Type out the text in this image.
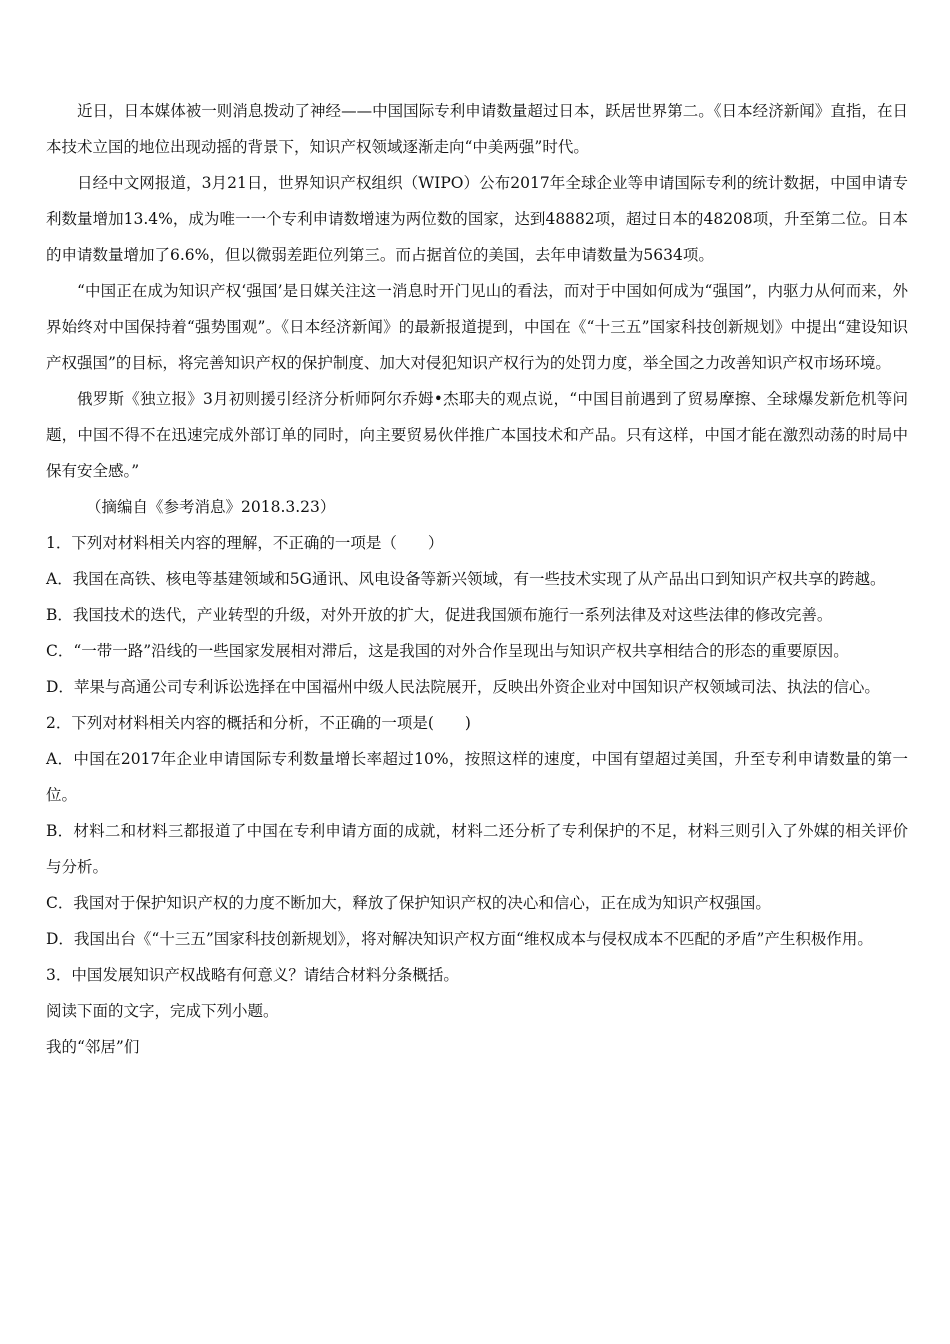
近日，日本媒体被一则消息拨动了神经——中国国际专利申请数量超过日本，跃居世界第二。《日本经济新闻》直指，在日本技术立国的地位出现动摇的背景下，知识产权领域逐渐走向“中美两强”时代。

日经中文网报道，3月21日，世界知识产权组织（WIPO）公布2017年全球企业等申请国际专利的统计数据，中国申请专利数量增加13.4%，成为唯一一个专利申请数增速为两位数的国家，达到48882项，超过日本的48208项，升至第二位。日本的申请数量增加了6.6%，但以微弱差距位列第三。而占据首位的美国，去年申请数量为5634项。

“中国正在成为知识产权‘强国’是日媒关注这一消息时开门见山的看法，而对于中国如何成为“强国”，内驱力从何而来，外界始终对中国保持着“强势围观”。《日本经济新闻》的最新报道提到，中国在《“十三五”国家科技创新规划》中提出“建设知识产权强国”的目标，将完善知识产权的保护制度、加大对侵犯知识产权行为的处罚力度，举全国之力改善知识产权市场环境。

俄罗斯《独立报》3月初则援引经济分析师阿尔乔姆•杰耶夫的观点说，“中国目前遇到了贸易摩擦、全球爆发新危机等问题，中国不得不在迅速完成外部订单的同时，向主要贸易伙伴推广本国技术和产品。只有这样，中国才能在激烈动荡的时局中保有安全感。”

（摘编自《参考消息》2018.3.23）

1．下列对材料相关内容的理解，不正确的一项是（　　）

A．我国在高铁、核电等基建领域和5G通讯、风电设备等新兴领域，有一些技术实现了从产品出口到知识产权共享的跨越。

B．我国技术的迭代，产业转型的升级，对外开放的扩大，促进我国颁布施行一系列法律及对这些法律的修改完善。

C．“一带一路”沿线的一些国家发展相对滞后，这是我国的对外合作呈现出与知识产权共享相结合的形态的重要原因。

D．苹果与高通公司专利诉讼选择在中国福州中级人民法院展开，反映出外资企业对中国知识产权领域司法、执法的信心。

2．下列对材料相关内容的概括和分析，不正确的一项是(　　)

A．中国在2017年企业申请国际专利数量增长率超过10%，按照这样的速度，中国有望超过美国，升至专利申请数量的第一位。

B．材料二和材料三都报道了中国在专利申请方面的成就，材料二还分析了专利保护的不足，材料三则引入了外媒的相关评价与分析。

C．我国对于保护知识产权的力度不断加大，释放了保护知识产权的决心和信心，正在成为知识产权强国。

D．我国出台《“十三五”国家科技创新规划》，将对解决知识产权方面“维权成本与侵权成本不匹配的矛盾”产生积极作用。

3．中国发展知识产权战略有何意义？请结合材料分条概括。

阅读下面的文字，完成下列小题。

我的“邻居”们
